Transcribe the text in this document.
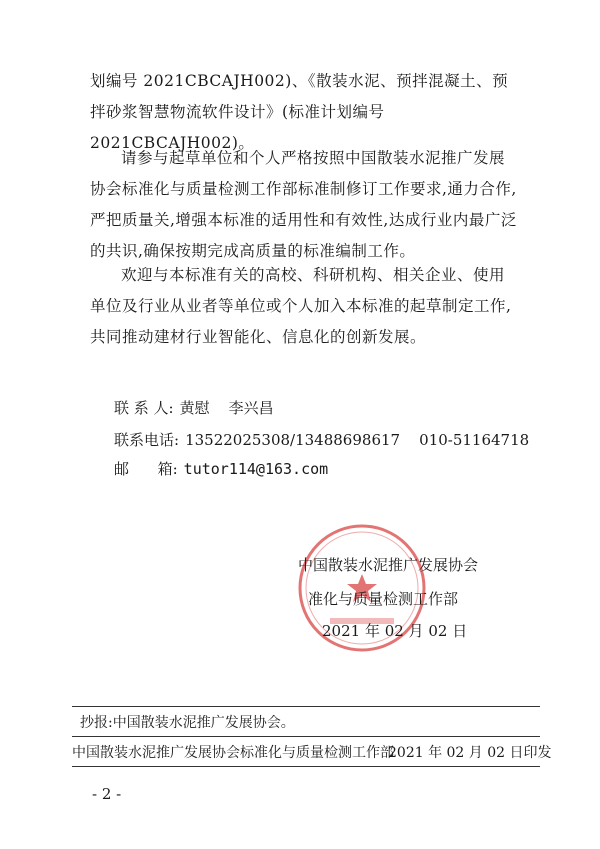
划编号 2021CBCAJH002)、《散装水泥、预拌混凝土、预拌砂浆智慧物流软件设计》(标准计划编号 2021CBCAJH002)。

请参与起草单位和个人严格按照中国散装水泥推广发展协会标准化与质量检测工作部标准制修订工作要求,通力合作,严把质量关,增强本标准的适用性和有效性,达成行业内最广泛的共识,确保按期完成高质量的标准编制工作。

欢迎与本标准有关的高校、科研机构、相关企业、使用单位及行业从业者等单位或个人加入本标准的起草制定工作,共同推动建材行业智能化、信息化的创新发展。

联 系 人: 黄慰    李兴昌
联系电话: 13522025308/13488698617    010-51164718
邮      箱: tutor114@163.com
中国散装水泥推广发展协会
准化与质量检测工作部
2021 年 02 月 02 日
抄报:中国散装水泥推广发展协会。
中国散装水泥推广发展协会标准化与质量检测工作部
2021 年 02 月 02 日印发
- 2 -
